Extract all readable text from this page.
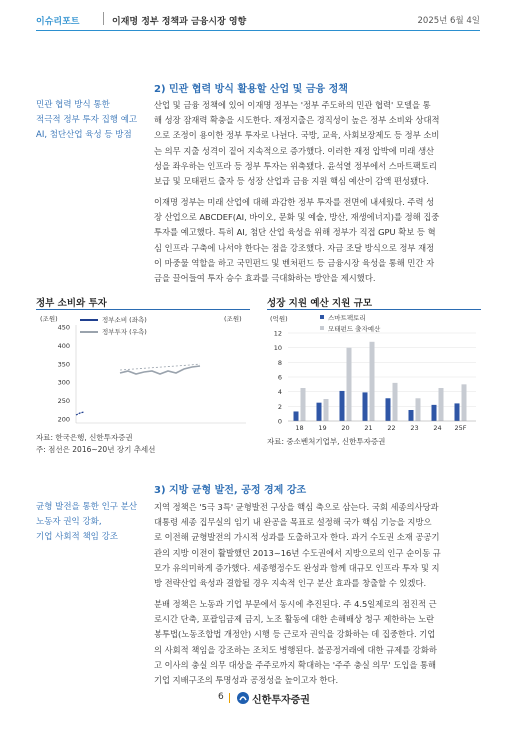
이슈리포트	이재명 정부 정책과 금융시장 영향	2025년 6월 4일
2) 민관 협력 방식 활용할 산업 및 금융 정책
민관 협력 방식 통한
적극적 정부 투자 집행 예고
AI, 첨단산업 육성 등 방점
산업 및 금융 정책에 있어 이재명 정부는 '정부 주도하의 민관 협력' 모델을 통
해 성장 잠재력 확충을 시도한다. 재정지출은 경직성이 높은 정부 소비와 상대적
으로 조정이 용이한 정부 투자로 나뉜다. 국방, 교육, 사회보장제도 등 정부 소비
는 의무 지출 성격이 짙어 지속적으로 증가했다. 이러한 재정 압박에 미래 생산
성을 좌우하는 인프라 등 정부 투자는 위축됐다. 윤석열 정부에서 스마트팩토리
보급 및 모태펀드 출자 등 성장 산업과 금융 지원 핵심 예산이 감액 편성됐다.
이재명 정부는 미래 산업에 대해 과감한 정부 투자를 전면에 내세웠다. 주력 성
장 산업으로 ABCDEF(AI, 바이오, 문화 및 예술, 방산, 재생에너지)를 정해 집중
투자를 예고했다. 특히 AI, 첨단 산업 육성을 위해 정부가 직접 GPU 확보 등 혁
심 인프라 구축에 나서야 한다는 점을 강조했다. 자금 조달 방식으로 정부 재정
이 마중물 역할을 하고 국민펀드 및 벤처펀드 등 금융시장 육성을 통해 민간 자
금을 끌어들여 투자 승수 효과를 극대화하는 방안을 제시했다.
정부 소비와 투자
(조원)	(조원)
450
400
350
300
250
200
정부소비 (좌측)
정부투자 (우측)
자료: 한국은행, 신한투자증권
주: 점선은 2016~20년 장기 추세선
성장 지원 예산 지원 규모
(억원)	스마트팩토리
모태펀드 출자예산
12
10
8
6
4
2
0
18 19 20 21 22 23 24 25F
자료: 중소벤처기업부, 신한투자증권
3) 지방 균형 발전, 공정 경제 강조
균형 발전을 통한 인구 분산
노동자 권익 강화,
기업 사회적 책임 강조
지역 정책은 '5극 3특' 균형발전 구상을 핵심 축으로 삼는다. 국회 세종의사당과
대통령 세종 집무실의 임기 내 완공을 목표로 설정해 국가 핵심 기능을 지방으
로 이전해 균형발전의 가시적 성과를 도출하고자 한다. 과거 수도권 소재 공공기
관의 지방 이전이 활발했던 2013~16년 수도권에서 지방으로의 인구 순이동 규
모가 유의미하게 증가했다. 세종행정수도 완성과 함께 대규모 인프라 투자 및 지
방 전략산업 육성과 결합될 경우 지속적 인구 분산 효과를 창출할 수 있겠다.
분배 정책은 노동과 기업 부문에서 동시에 추진된다. 주 4.5일제로의 점진적 근
로시간 단축, 포괄임금제 금지, 노조 활동에 대한 손해배상 청구 제한하는 노란
봉투법(노동조합법 개정안) 시행 등 근로자 권익을 강화하는 데 집중한다. 기업
의 사회적 책임을 강조하는 조치도 병행된다. 불공정거래에 대한 규제를 강화하
고 이사의 충실 의무 대상을 주주로까지 확대하는 '주주 충실 의무' 도입을 통해
기업 지배구조의 투명성과 공정성을 높이고자 한다.
6	신한투자증권
